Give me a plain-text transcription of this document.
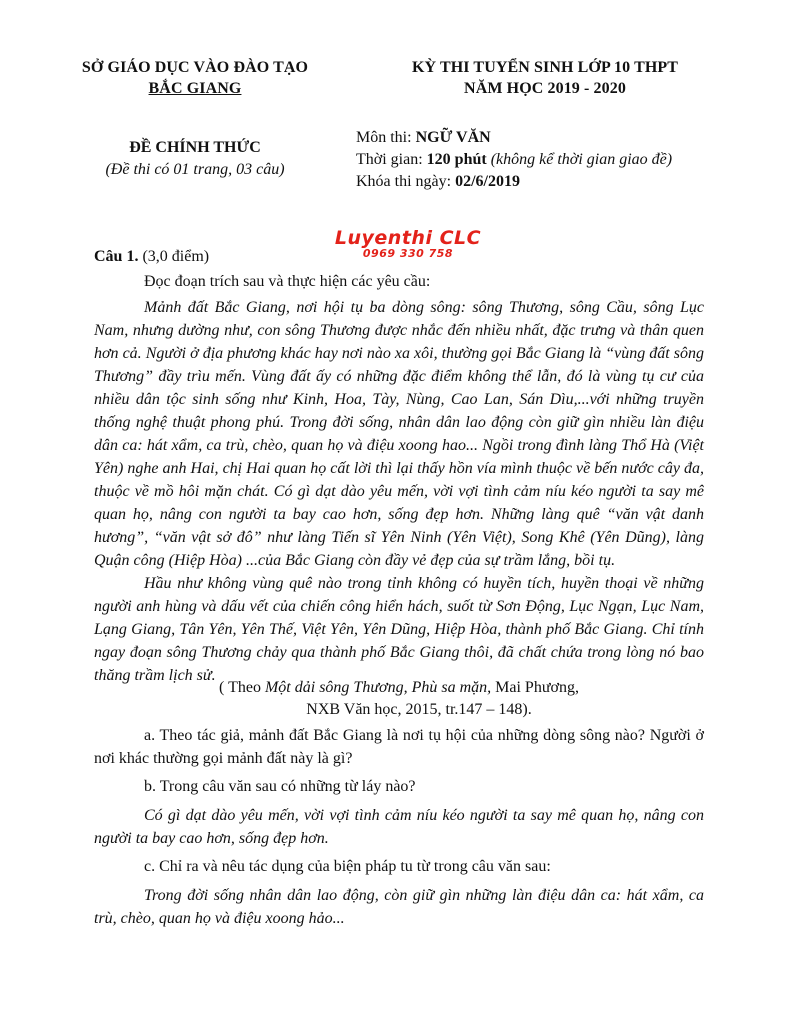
SỞ GIÁO DỤC VÀO ĐÀO TẠO
BẮC GIANG
KỲ THI TUYỂN SINH LỚP 10 THPT
NĂM HỌC 2019 - 2020
ĐỀ CHÍNH THỨC
(Đề thi có 01 trang, 03 câu)
Môn thi: NGỮ VĂN
Thời gian: 120 phút (không kể thời gian giao đề)
Khóa thi ngày: 02/6/2019
Luyenthi CLC
0969 330 758
Câu 1. (3,0 điểm)

Đọc đoạn trích sau và thực hiện các yêu cầu:

Mảnh đất Bắc Giang, nơi hội tụ ba dòng sông: sông Thương, sông Cầu, sông Lục Nam, nhưng dường như, con sông Thương được nhắc đến nhiều nhất, đặc trưng và thân quen hơn cả. Người ở địa phương khác hay nơi nào xa xôi, thường gọi Bắc Giang là “vùng đất sông Thương” đầy trìu mến. Vùng đất ấy có những đặc điểm không thể lẫn, đó là vùng tụ cư của nhiều dân tộc sinh sống như Kinh, Hoa, Tày, Nùng, Cao Lan, Sán Dìu,...với những truyền thống nghệ thuật phong phú. Trong đời sống, nhân dân lao động còn giữ gìn nhiều làn điệu dân ca: hát xẩm, ca trù, chèo, quan họ và điệu xoong hao... Ngồi trong đình làng Thổ Hà (Việt Yên) nghe anh Hai, chị Hai quan họ cất lời thì lại thấy hồn vía mình thuộc về bến nước cây đa, thuộc về mồ hôi mặn chát. Có gì dạt dào yêu mến, vời vợi tình cảm níu kéo người ta say mê quan họ, nâng con người ta bay cao hơn, sống đẹp hơn. Những làng quê “văn vật danh hương”, “văn vật sở đô” như làng Tiến sĩ Yên Ninh (Yên Việt), Song Khê (Yên Dũng), làng Quận công (Hiệp Hòa) ...của Bắc Giang còn đầy vẻ đẹp của sự trầm lắng, bồi tụ.

Hầu như không vùng quê nào trong tỉnh không có huyền tích, huyền thoại về những người anh hùng và dấu vết của chiến công hiển hách, suốt từ Sơn Động, Lục Ngạn, Lục Nam, Lạng Giang, Tân Yên, Yên Thế, Việt Yên, Yên Dũng, Hiệp Hòa, thành phố Bắc Giang. Chỉ tính ngay đoạn sông Thương chảy qua thành phố Bắc Giang thôi, đã chất chứa trong lòng nó bao thăng trầm lịch sử.

( Theo Một dải sông Thương, Phù sa mặn, Mai Phương,
NXB Văn học, 2015, tr.147 – 148).

a. Theo tác giả, mảnh đất Bắc Giang là nơi tụ hội của những dòng sông nào? Người ở nơi khác thường gọi mảnh đất này là gì?

b. Trong câu văn sau có những từ láy nào?

Có gì dạt dào yêu mến, vời vợi tình cảm níu kéo người ta say mê quan họ, nâng con người ta bay cao hơn, sống đẹp hơn.

c. Chỉ ra và nêu tác dụng của biện pháp tu từ trong câu văn sau:

Trong đời sống nhân dân lao động, còn giữ gìn những làn điệu dân ca: hát xẩm, ca trù, chèo, quan họ và điệu xoong hảo...
